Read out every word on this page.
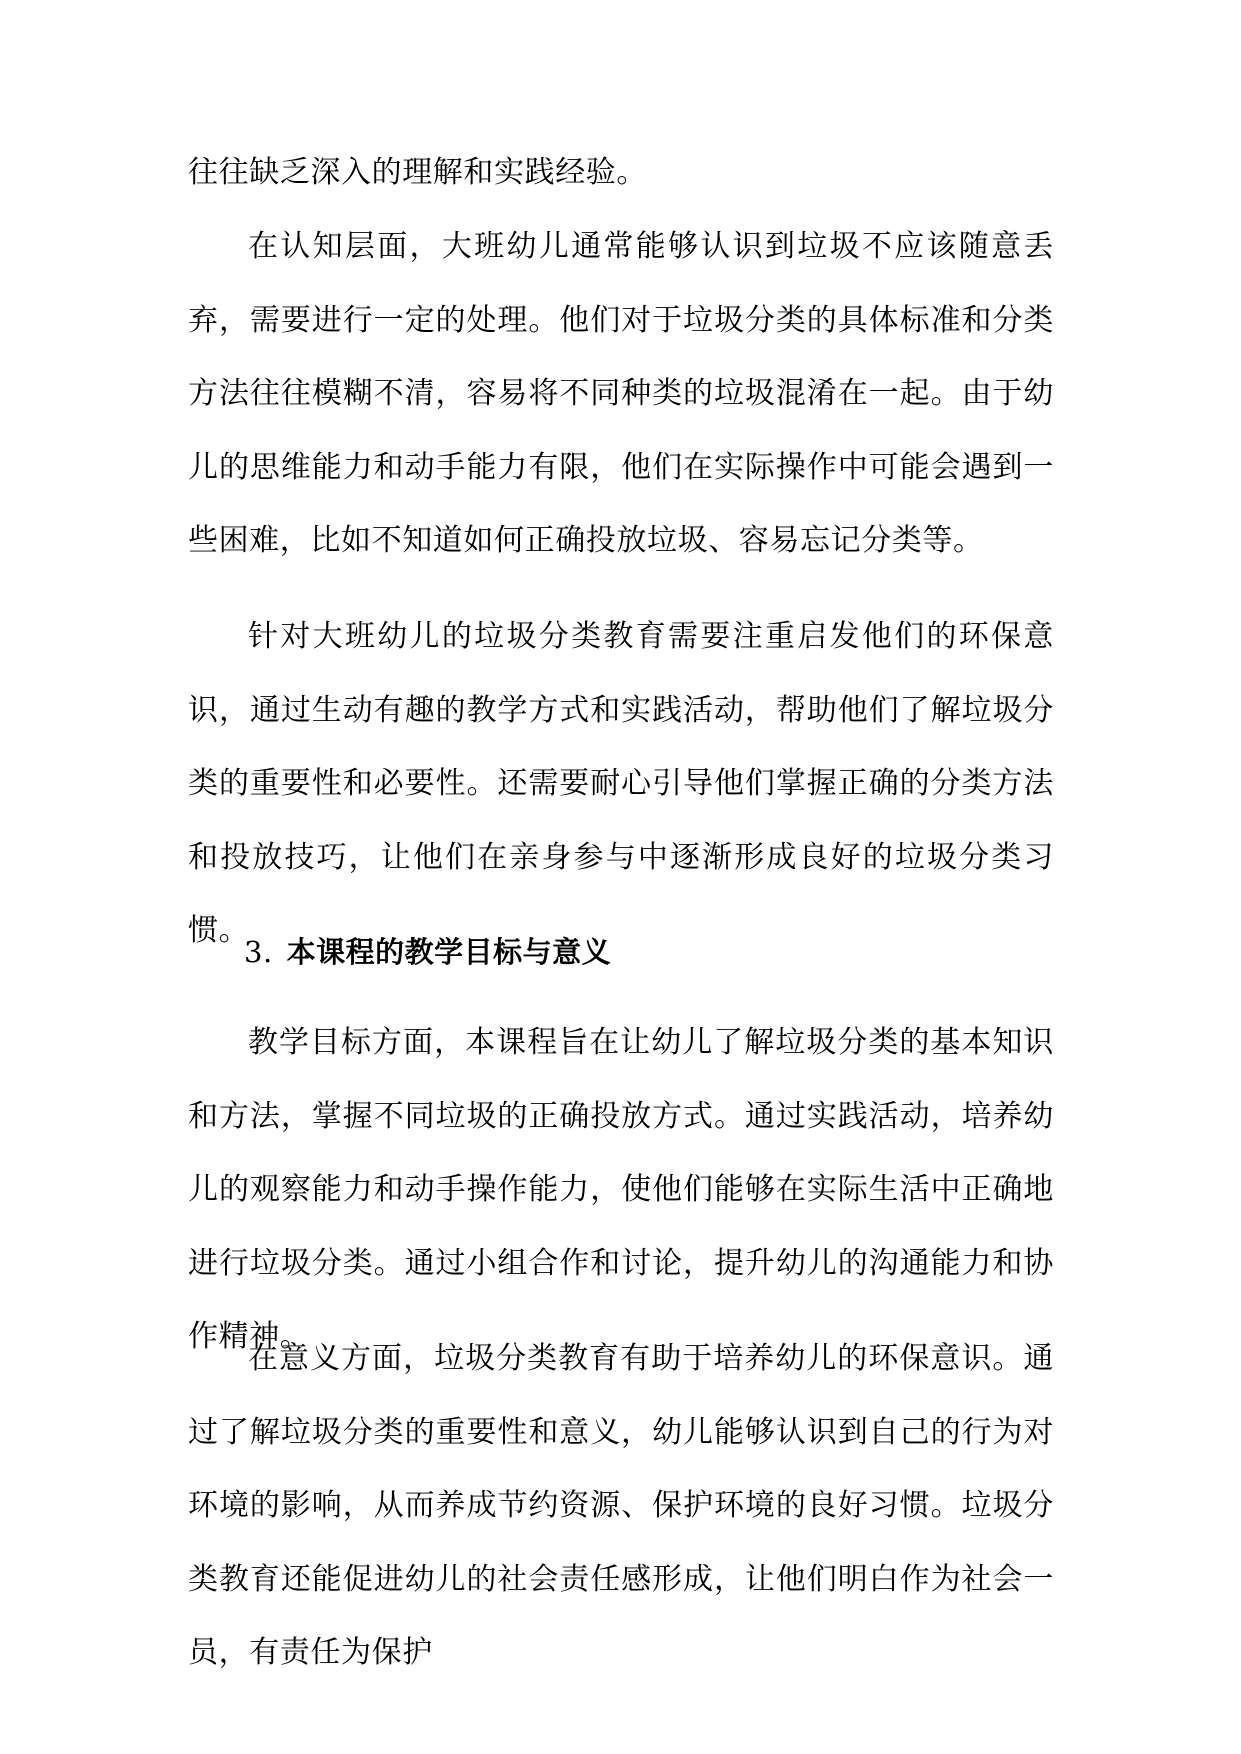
往往缺乏深入的理解和实践经验。

在认知层面，大班幼儿通常能够认识到垃圾不应该随意丢弃，需要进行一定的处理。他们对于垃圾分类的具体标准和分类方法往往模糊不清，容易将不同种类的垃圾混淆在一起。由于幼儿的思维能力和动手能力有限，他们在实际操作中可能会遇到一些困难，比如不知道如何正确投放垃圾、容易忘记分类等。

针对大班幼儿的垃圾分类教育需要注重启发他们的环保意识，通过生动有趣的教学方式和实践活动，帮助他们了解垃圾分类的重要性和必要性。还需要耐心引导他们掌握正确的分类方法和投放技巧，让他们在亲身参与中逐渐形成良好的垃圾分类习惯。

3. 本课程的教学目标与意义

教学目标方面，本课程旨在让幼儿了解垃圾分类的基本知识和方法，掌握不同垃圾的正确投放方式。通过实践活动，培养幼儿的观察能力和动手操作能力，使他们能够在实际生活中正确地进行垃圾分类。通过小组合作和讨论，提升幼儿的沟通能力和协作精神。

在意义方面，垃圾分类教育有助于培养幼儿的环保意识。通过了解垃圾分类的重要性和意义，幼儿能够认识到自己的行为对环境的影响，从而养成节约资源、保护环境的良好习惯。垃圾分类教育还能促进幼儿的社会责任感形成，让他们明白作为社会一员，有责任为保护
